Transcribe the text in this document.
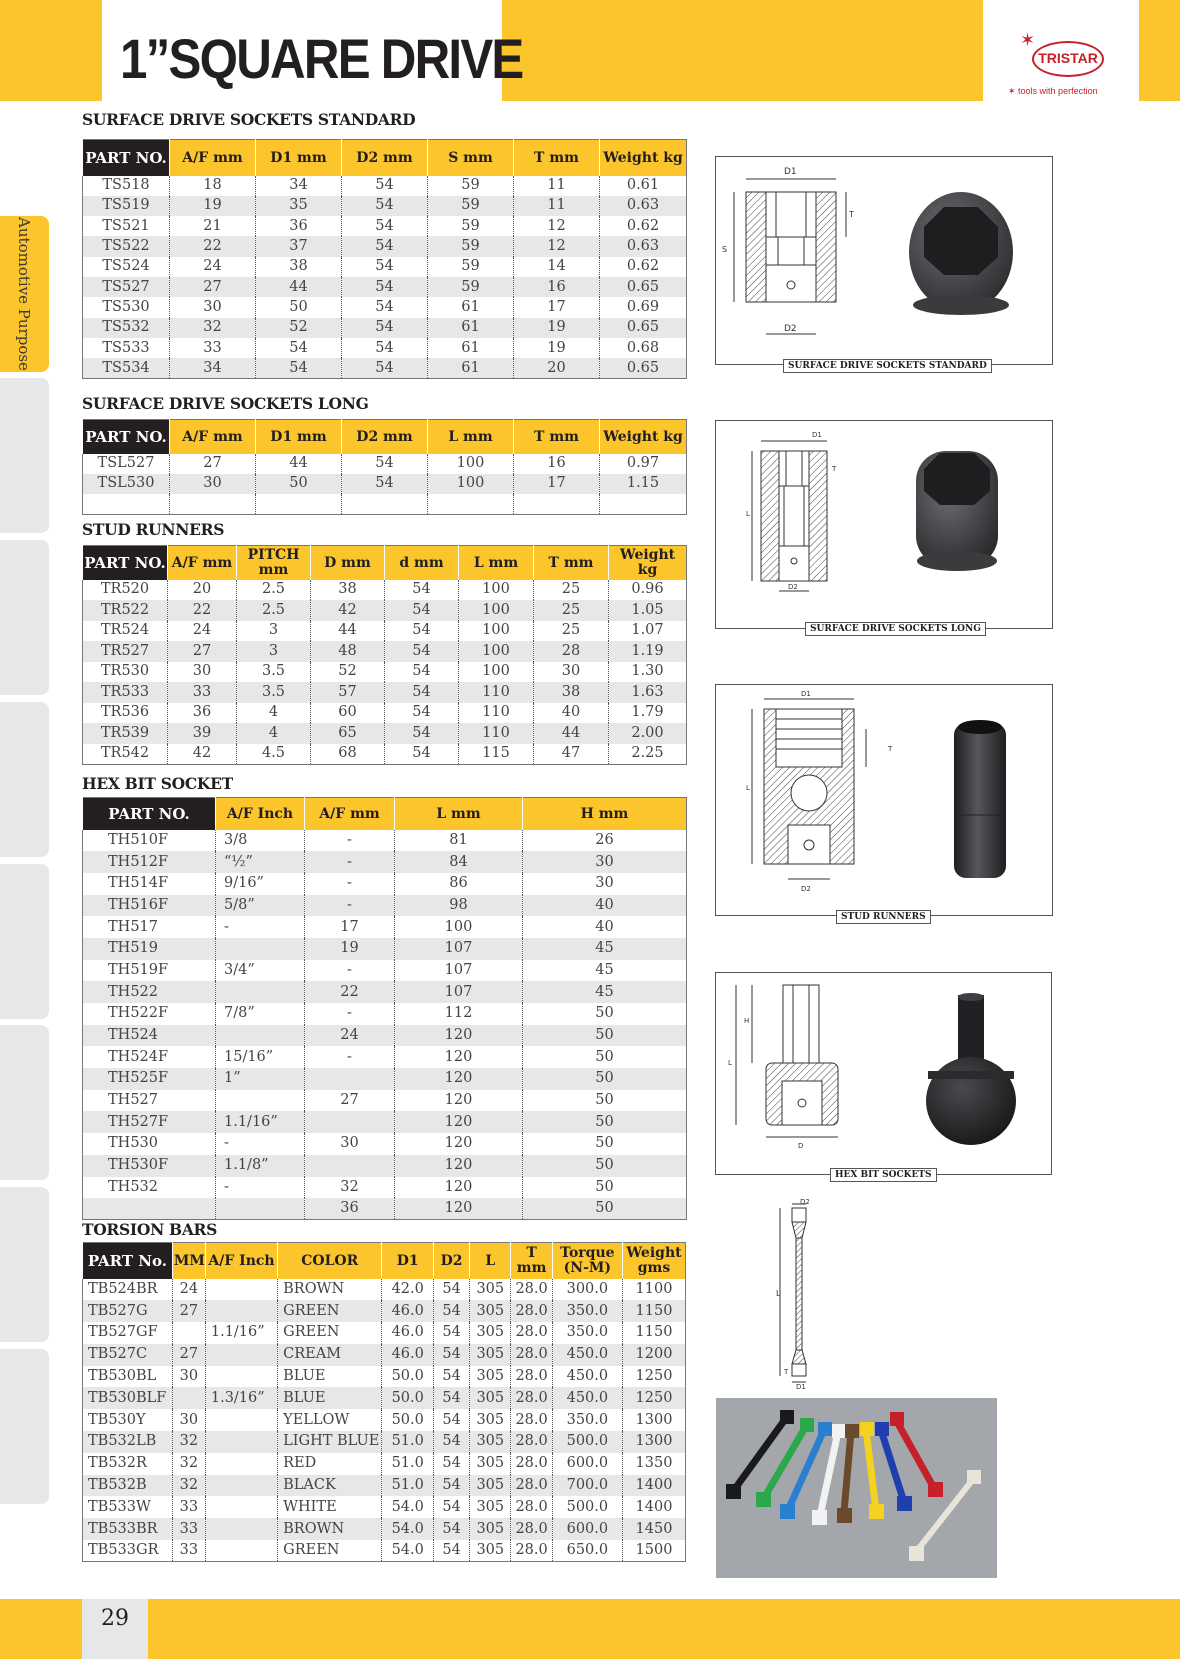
1”SQUARE DRIVE	✶
TRISTAR
✶ tools with perfection
Automotive Purpose
SURFACE DRIVE SOCKETS STANDARD
PART NO.	A/F mm	D1 mm	D2 mm	S mm	T mm	Weight kg
TS518	18	34	54	59	11	0.61
TS519	19	35	54	59	11	0.63
TS521	21	36	54	59	12	0.62
TS522	22	37	54	59	12	0.63
TS524	24	38	54	59	14	0.62
TS527	27	44	54	59	16	0.65
TS530	30	50	54	61	17	0.69
TS532	32	52	54	61	19	0.65
TS533	33	54	54	61	19	0.68
TS534	34	54	54	61	20	0.65
SURFACE DRIVE SOCKETS LONG
PART NO.	A/F mm	D1 mm	D2 mm	L mm	T mm	Weight kg
TSL527	27	44	54	100	16	0.97
TSL530	30	50	54	100	17	1.15

STUD RUNNERS
PART NO.	A/F mm	PITCH mm	D mm	d mm	L mm	T mm	Weight kg
TR520	20	2.5	38	54	100	25	0.96
TR522	22	2.5	42	54	100	25	1.05
TR524	24	3	44	54	100	25	1.07
TR527	27	3	48	54	100	28	1.19
TR530	30	3.5	52	54	100	30	1.30
TR533	33	3.5	57	54	110	38	1.63
TR536	36	4	60	54	110	40	1.79
TR539	39	4	65	54	110	44	2.00
TR542	42	4.5	68	54	115	47	2.25
HEX BIT SOCKET
PART NO.	A/F Inch	A/F mm	L mm	H mm
TH510F	3/8	-	81	26
TH512F	“½”	-	84	30
TH514F	9/16”	-	86	30
TH516F	5/8”	-	98	40
TH517	-	17	100	40
TH519		19	107	45
TH519F	3/4”	-	107	45
TH522		22	107	45
TH522F	7/8”	-	112	50
TH524		24	120	50
TH524F	15/16”	-	120	50
TH525F	1”		120	50
TH527		27	120	50
TH527F	1.1/16”		120	50
TH530	-	30	120	50
TH530F	1.1/8”		120	50
TH532	-	32	120	50
		36	120	50
TORSION BARS
PART No.	MM	A/F Inch	COLOR	D1	D2	L	T mm	Torque (N-M)	Weight gms
TB524BR	24		BROWN	42.0	54	305	28.0	300.0	1100
TB527G	27		GREEN	46.0	54	305	28.0	350.0	1150
TB527GF		1.1/16”	GREEN	46.0	54	305	28.0	350.0	1150
TB527C	27		CREAM	46.0	54	305	28.0	450.0	1200
TB530BL	30		BLUE	50.0	54	305	28.0	450.0	1250
TB530BLF		1.3/16”	BLUE	50.0	54	305	28.0	450.0	1250
TB530Y	30		YELLOW	50.0	54	305	28.0	350.0	1300
TB532LB	32		LIGHT BLUE	51.0	54	305	28.0	500.0	1300
TB532R	32		RED	51.0	54	305	28.0	600.0	1350
TB532B	32		BLACK	51.0	54	305	28.0	700.0	1400
TB533W	33		WHITE	54.0	54	305	28.0	500.0	1400
TB533BR	33		BROWN	54.0	54	305	28.0	600.0	1450
TB533GR	33		GREEN	54.0	54	305	28.0	650.0	1500
D1
S
T
D2
SURFACE DRIVE SOCKETS STANDARD
D1
L
T
D2
SURFACE DRIVE SOCKETS LONG
D1
L
T
D2
STUD RUNNERS
H
L
D
HEX BIT SOCKETS
D2
L
T
D1
29
